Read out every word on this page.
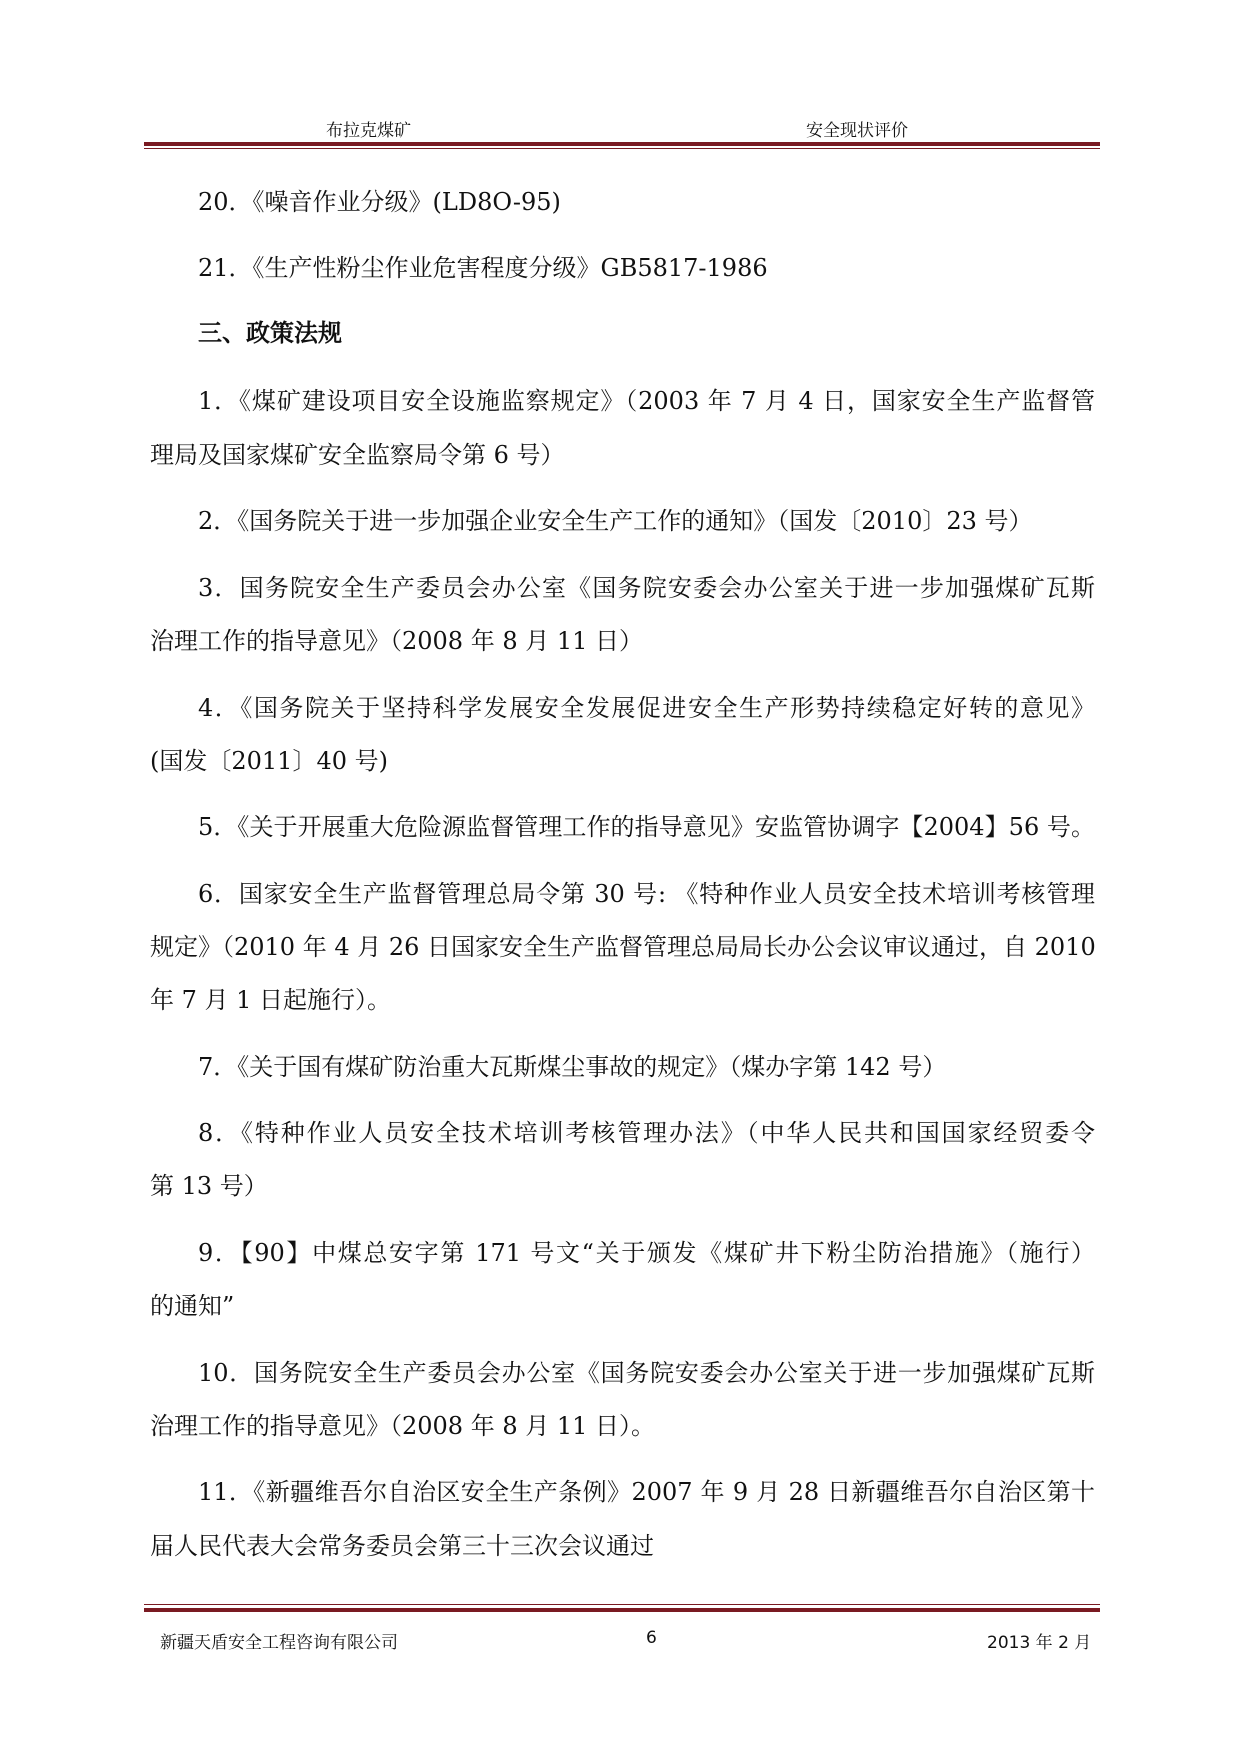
布拉克煤矿	安全现状评价
20．《噪音作业分级》(LD8O-95)
21．《生产性粉尘作业危害程度分级》GB5817-1986
三、政策法规
1．《煤矿建设项目安全设施监察规定》（2003 年 7 月 4 日，国家安全生产监督管
理局及国家煤矿安全监察局令第 6 号）
2．《国务院关于进一步加强企业安全生产工作的通知》（国发〔2010〕23 号）
3．国务院安全生产委员会办公室《国务院安委会办公室关于进一步加强煤矿瓦斯
治理工作的指导意见》（2008 年 8 月 11 日）
4．《国务院关于坚持科学发展安全发展促进安全生产形势持续稳定好转的意见》
(国发〔2011〕40 号)
5．《关于开展重大危险源监督管理工作的指导意见》安监管协调字【2004】56 号。
6．国家安全生产监督管理总局令第 30 号: 《特种作业人员安全技术培训考核管理
规定》（2010 年 4 月 26 日国家安全生产监督管理总局局长办公会议审议通过，自 2010
年 7 月 1 日起施行）。
7．《关于国有煤矿防治重大瓦斯煤尘事故的规定》（煤办字第 142 号）
8．《特种作业人员安全技术培训考核管理办法》（中华人民共和国国家经贸委令
第 13 号）
9．【90】中煤总安字第 171 号文“关于颁发《煤矿井下粉尘防治措施》（施行）
的通知”
10．国务院安全生产委员会办公室《国务院安委会办公室关于进一步加强煤矿瓦斯
治理工作的指导意见》（2008 年 8 月 11 日）。
11．《新疆维吾尔自治区安全生产条例》2007 年 9 月 28 日新疆维吾尔自治区第十
届人民代表大会常务委员会第三十三次会议通过
新疆天盾安全工程咨询有限公司	6	2013 年 2 月
